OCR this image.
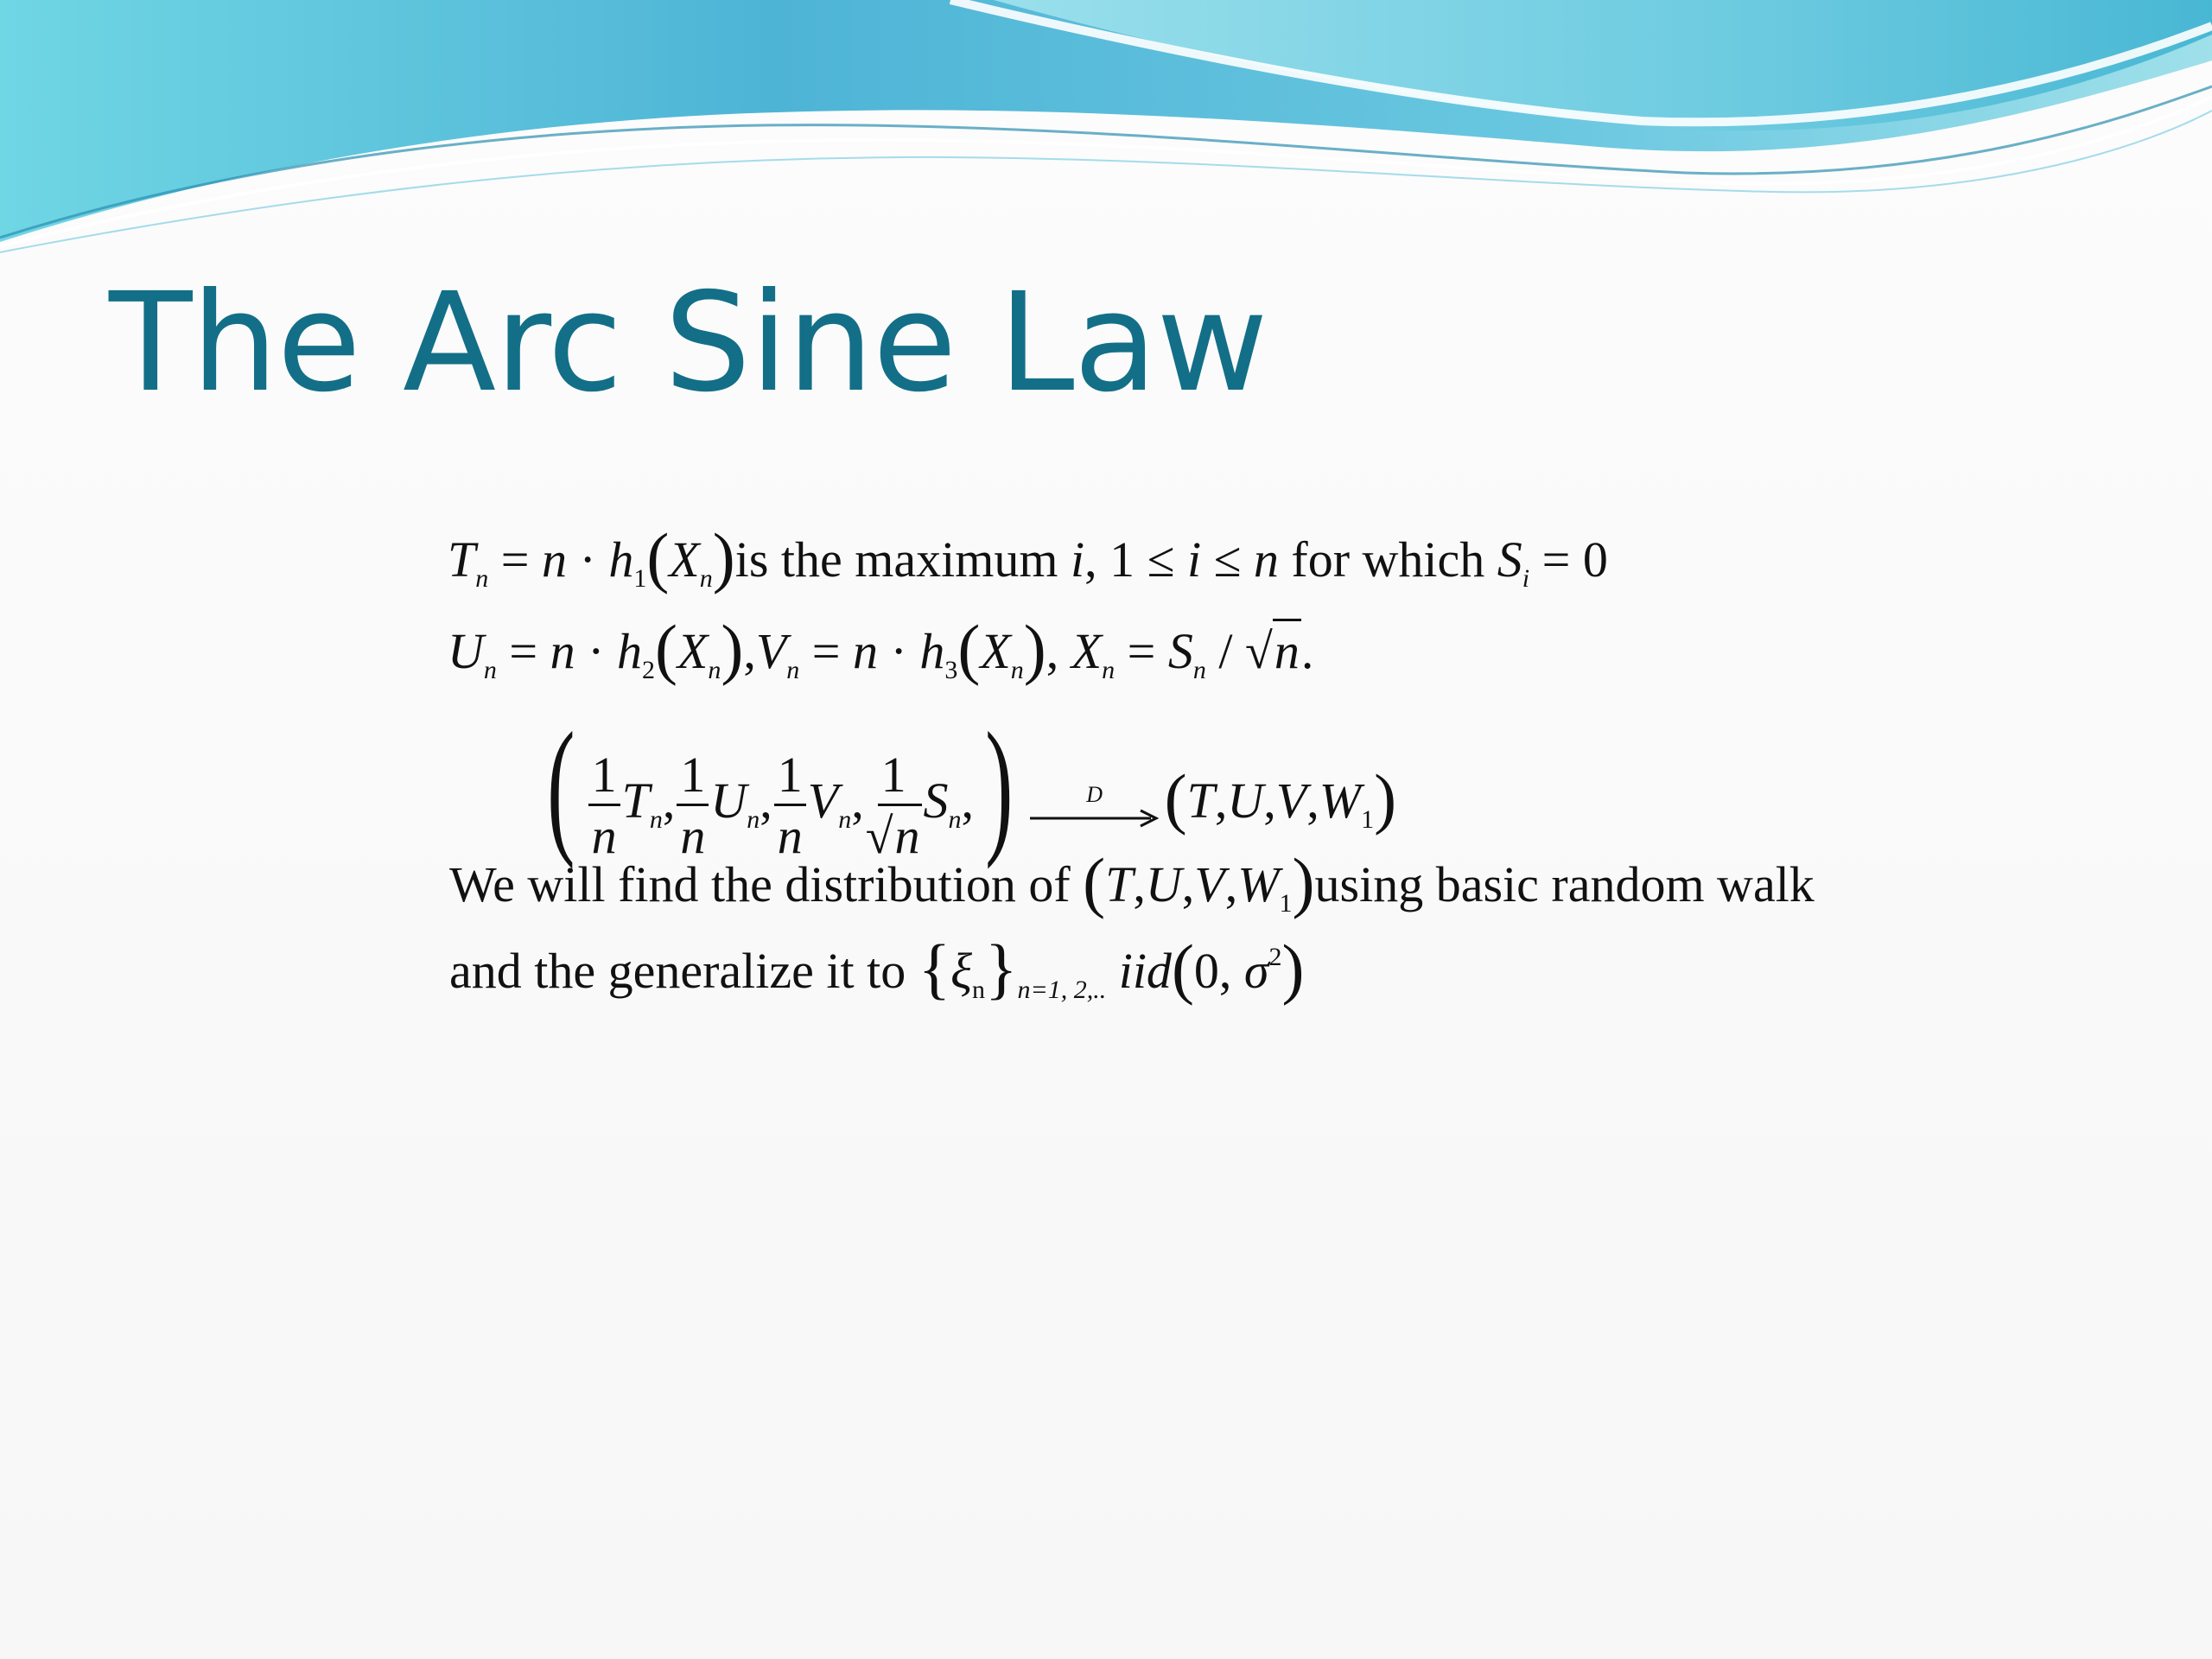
The Arc Sine Law
$T_n = n \cdot h_1(X_n)is$ the maximum i, 1 ≤ i ≤ n for which $S_i = 0$
$U_n = n \cdot h_2(X_n),V_n = n \cdot h_3(X_n)$, $X_n = S_n / √n$.
( $\frac{1}{n} T_n$, $\frac{1}{n} U_n$, $\frac{1}{n} V_n$, $\frac{1}{√n} S_n$,)	D $(T,U,V,W_1)$
We will find the distribution of $(T,U,V,W_1)using$ basic random walk
and the generalize it to $\{\xi_n\}_{n=1, 2,..}$ iid(0, $\sigma^2$)
